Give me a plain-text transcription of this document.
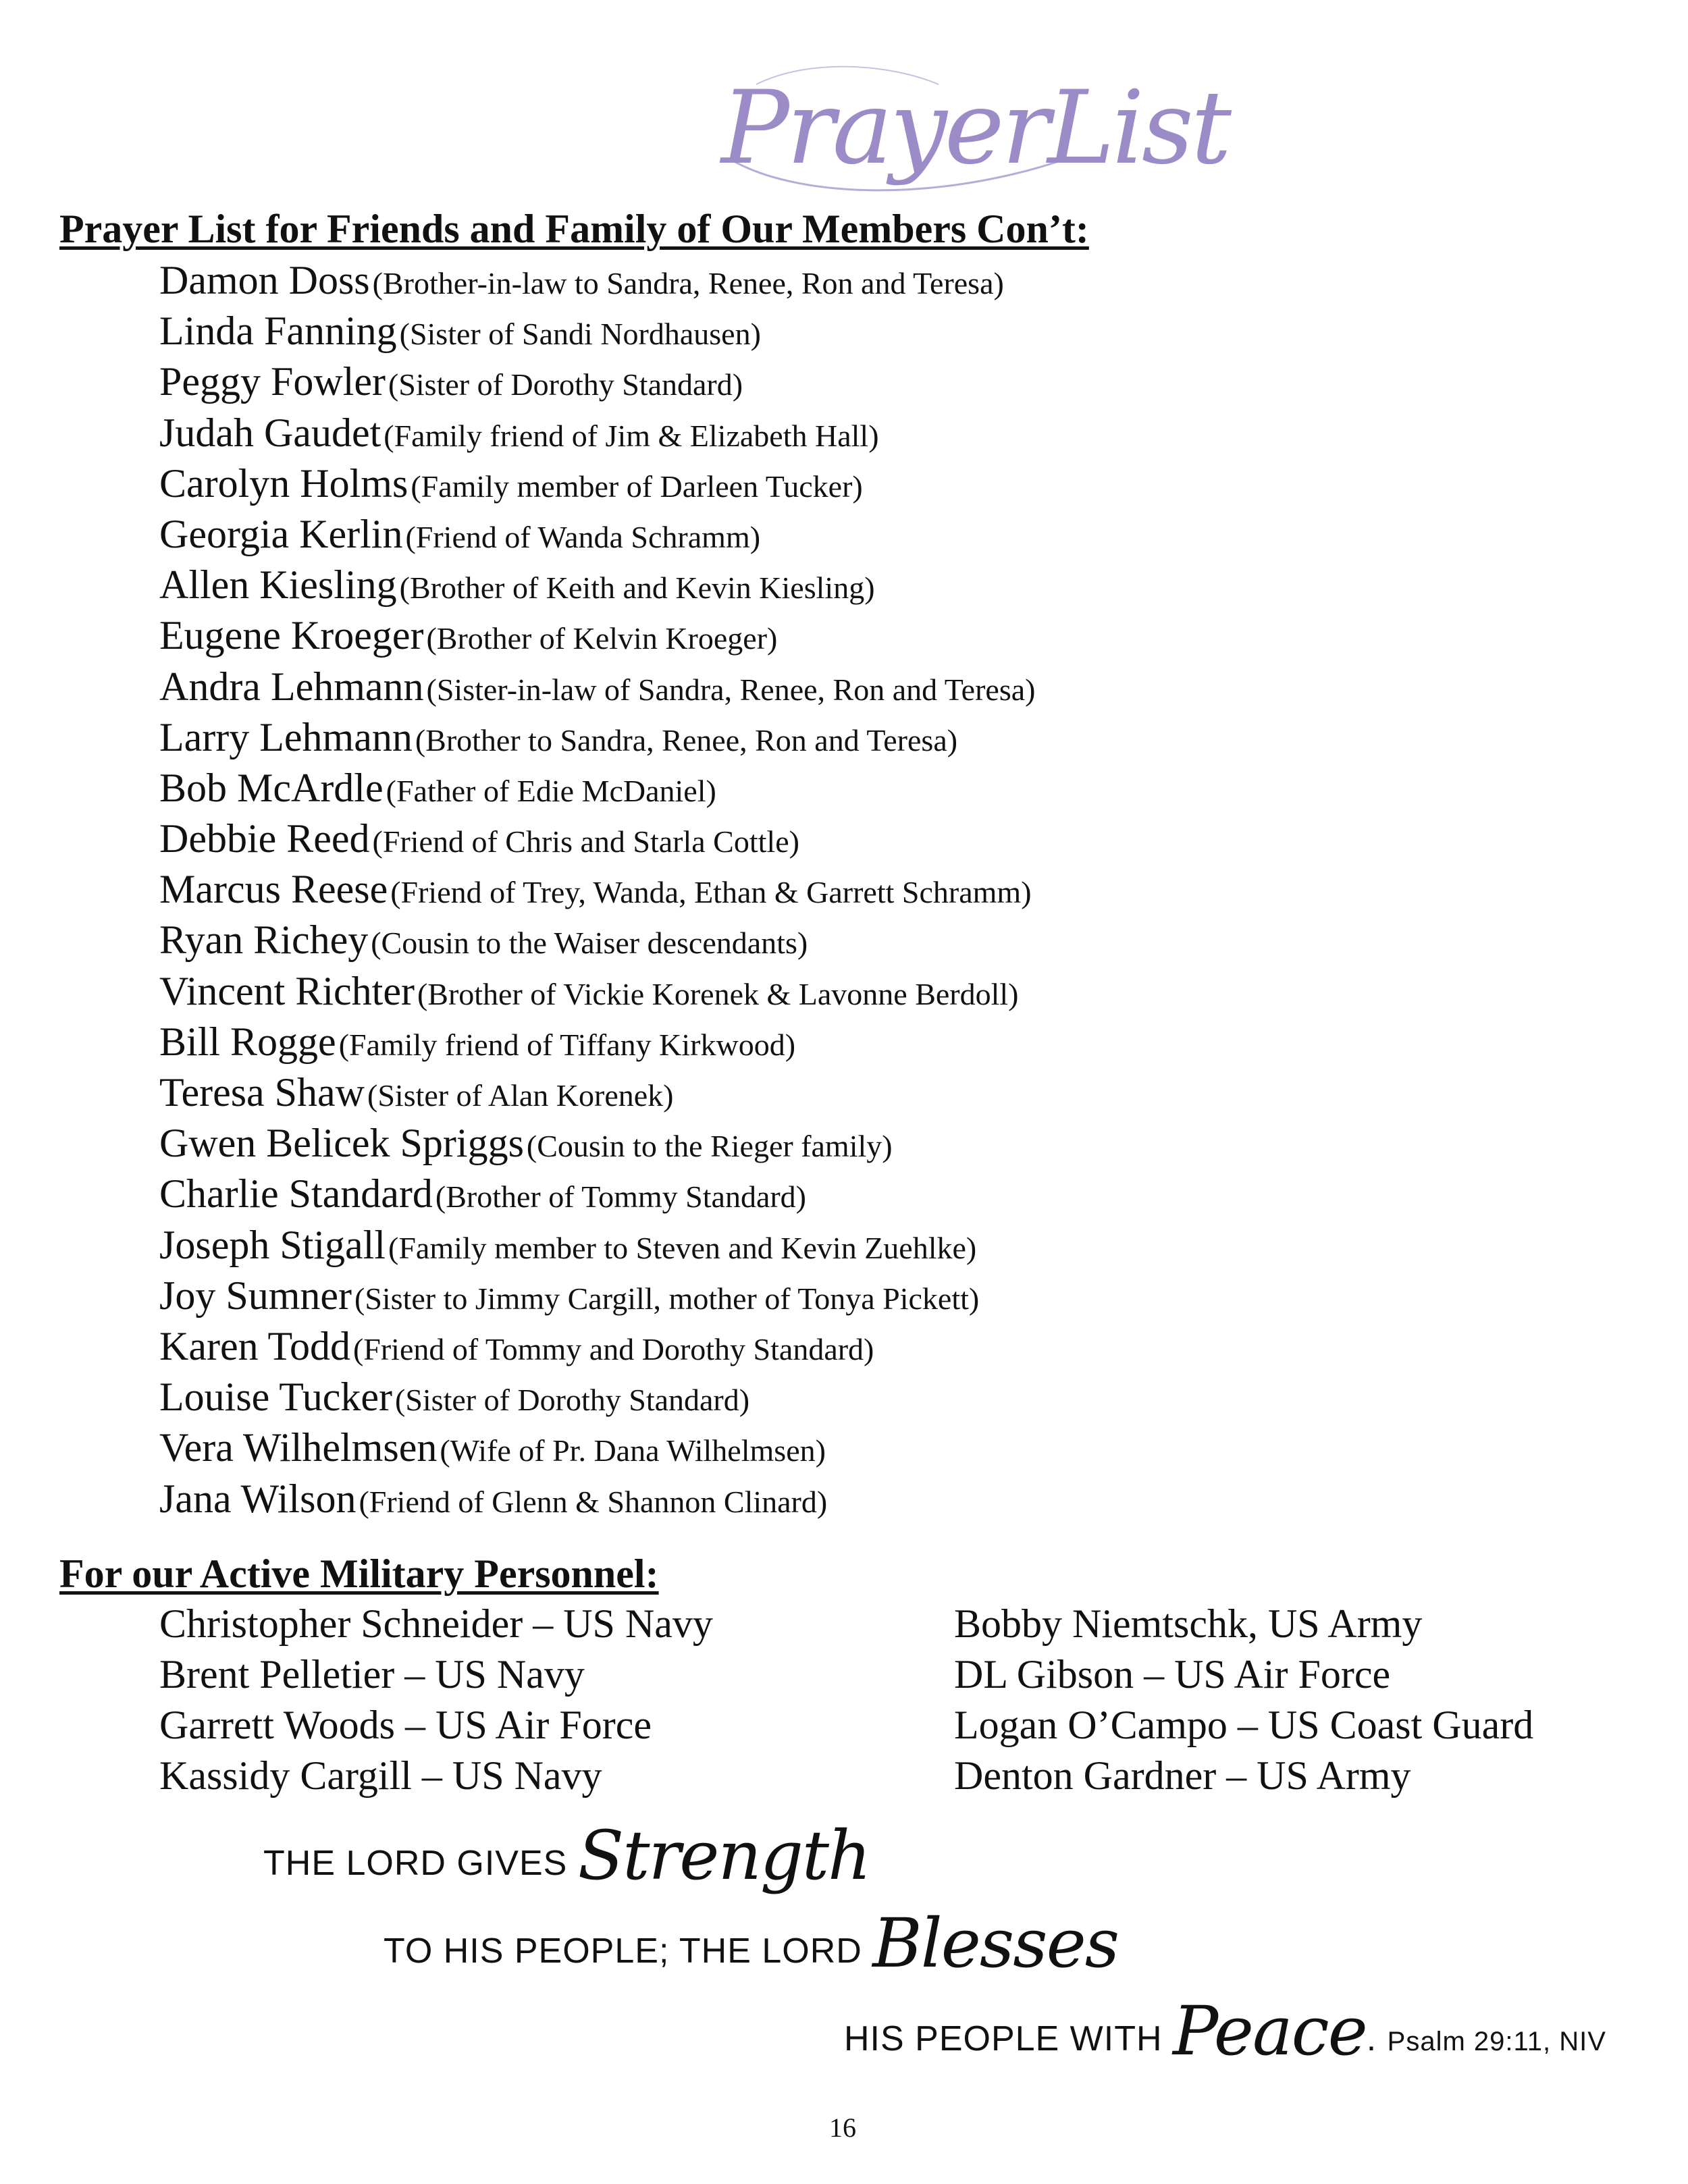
PrayerList
Prayer List for Friends and Family of Our Members Con’t:
Damon Doss (Brother-in-law to Sandra, Renee, Ron and Teresa)
Linda Fanning (Sister of Sandi Nordhausen)
Peggy Fowler (Sister of Dorothy Standard)
Judah Gaudet (Family friend of Jim & Elizabeth Hall)
Carolyn Holms (Family member of Darleen Tucker)
Georgia Kerlin (Friend of Wanda Schramm)
Allen Kiesling (Brother of Keith and Kevin Kiesling)
Eugene Kroeger (Brother of Kelvin Kroeger)
Andra Lehmann (Sister-in-law of Sandra, Renee, Ron and Teresa)
Larry Lehmann (Brother to Sandra, Renee, Ron and Teresa)
Bob McArdle (Father of Edie McDaniel)
Debbie Reed (Friend of Chris and Starla Cottle)
Marcus Reese (Friend of Trey, Wanda, Ethan & Garrett Schramm)
Ryan Richey (Cousin to the Waiser descendants)
Vincent Richter (Brother of Vickie Korenek & Lavonne Berdoll)
Bill Rogge (Family friend of Tiffany Kirkwood)
Teresa Shaw (Sister of Alan Korenek)
Gwen Belicek Spriggs (Cousin to the Rieger family)
Charlie Standard (Brother of Tommy Standard)
Joseph Stigall (Family member to Steven and Kevin Zuehlke)
Joy Sumner (Sister to Jimmy Cargill, mother of Tonya Pickett)
Karen Todd (Friend of Tommy and Dorothy Standard)
Louise Tucker (Sister of Dorothy Standard)
Vera Wilhelmsen (Wife of Pr. Dana Wilhelmsen)
Jana Wilson (Friend of Glenn & Shannon Clinard)
For our Active Military Personnel:
Christopher Schneider – US Navy
Brent Pelletier – US Navy
Garrett Woods – US Air Force
Kassidy Cargill – US Navy
Bobby Niemtschk, US Army
DL Gibson – US Air Force
Logan O’Campo – US Coast Guard
Denton Gardner – US Army
THE LORD GIVES Strength
TO HIS PEOPLE; THE LORD Blesses
HIS PEOPLE WITH Peace. Psalm 29:11, NIV
16
